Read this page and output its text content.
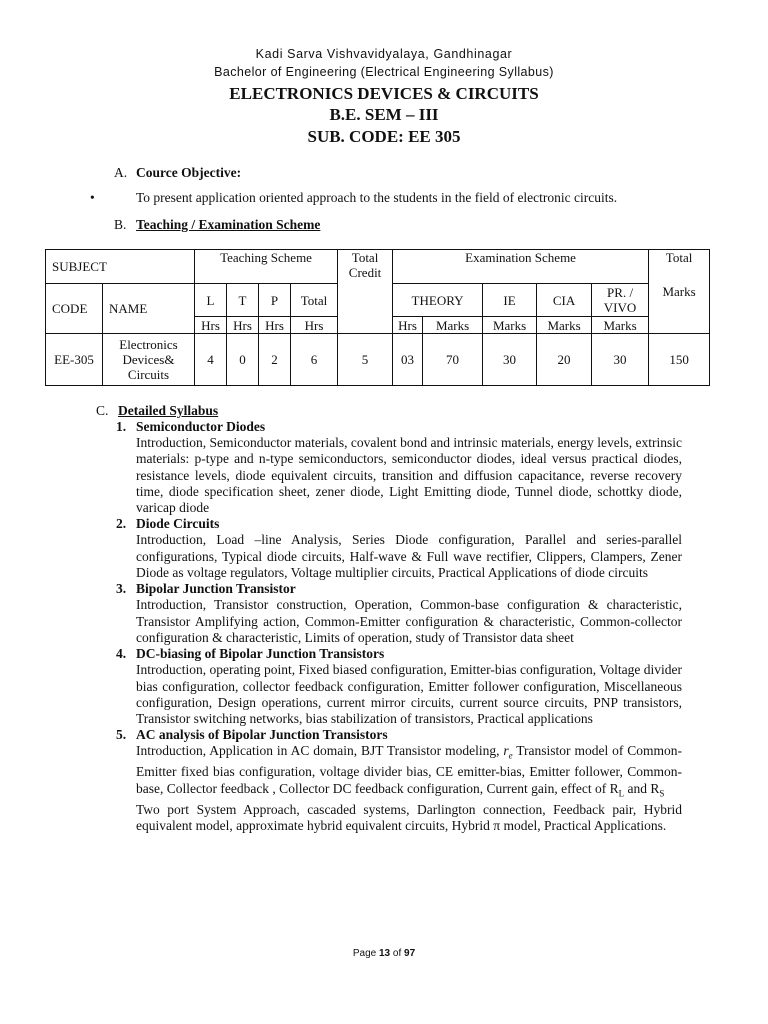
Kadi Sarva Vishvavidyalaya, Gandhinagar
Bachelor of Engineering (Electrical Engineering Syllabus)
ELECTRONICS DEVICES & CIRCUITS
B.E. SEM – III
SUB. CODE: EE 305
A. Cource Objective:
•	To present application oriented approach to the students in the field of electronic circuits.
B. Teaching / Examination Scheme
SUBJECT		Teaching Scheme				Total Credit	Examination Scheme					Total
CODE	NAME	L	T	P	Total		THEORY		IE	CIA	PR. / VIVO	Marks
		Hrs	Hrs	Hrs	Hrs		Hrs	Marks	Marks	Marks	Marks	
EE-305	Electronics Devices& Circuits	4	0	2	6	5	03	70	30	20	30	150
C. Detailed Syllabus
1. Semiconductor Diodes
Introduction, Semiconductor materials, covalent bond and intrinsic materials, energy levels, extrinsic materials: p-type and n-type semiconductors, semiconductor diodes, ideal versus practical diodes, resistance levels, diode equivalent circuits, transition and diffusion capacitance, reverse recovery time, diode specification sheet, zener diode, Light Emitting diode, Tunnel diode, schottky diode, varicap diode
2. Diode Circuits
Introduction, Load –line Analysis, Series Diode configuration, Parallel and series-parallel configurations, Typical diode circuits, Half-wave & Full wave rectifier, Clippers, Clampers, Zener Diode as voltage regulators, Voltage multiplier circuits, Practical Applications of diode circuits
3. Bipolar Junction Transistor
Introduction, Transistor construction, Operation, Common-base configuration & characteristic, Transistor Amplifying action, Common-Emitter configuration & characteristic, Common-collector configuration & characteristic, Limits of operation, study of Transistor data sheet
4. DC-biasing of Bipolar Junction Transistors
Introduction, operating point, Fixed biased configuration, Emitter-bias configuration, Voltage divider bias configuration, collector feedback configuration, Emitter follower configuration, Miscellaneous configuration, Design operations, current mirror circuits, current source circuits, PNP transistors, Transistor switching networks, bias stabilization of transistors, Practical applications
5. AC analysis of Bipolar Junction Transistors
Introduction, Application in AC domain, BJT Transistor modeling, $r_e$ Transistor model of Common-Emitter fixed bias configuration, voltage divider bias, CE emitter-bias, Emitter follower, Common-base, Collector feedback , Collector DC feedback configuration, Current gain, effect of $R_L$ and $R_S$
Two port System Approach, cascaded systems, Darlington connection, Feedback pair, Hybrid equivalent model, approximate hybrid equivalent circuits, Hybrid π model, Practical Applications.
Page 13 of 97
